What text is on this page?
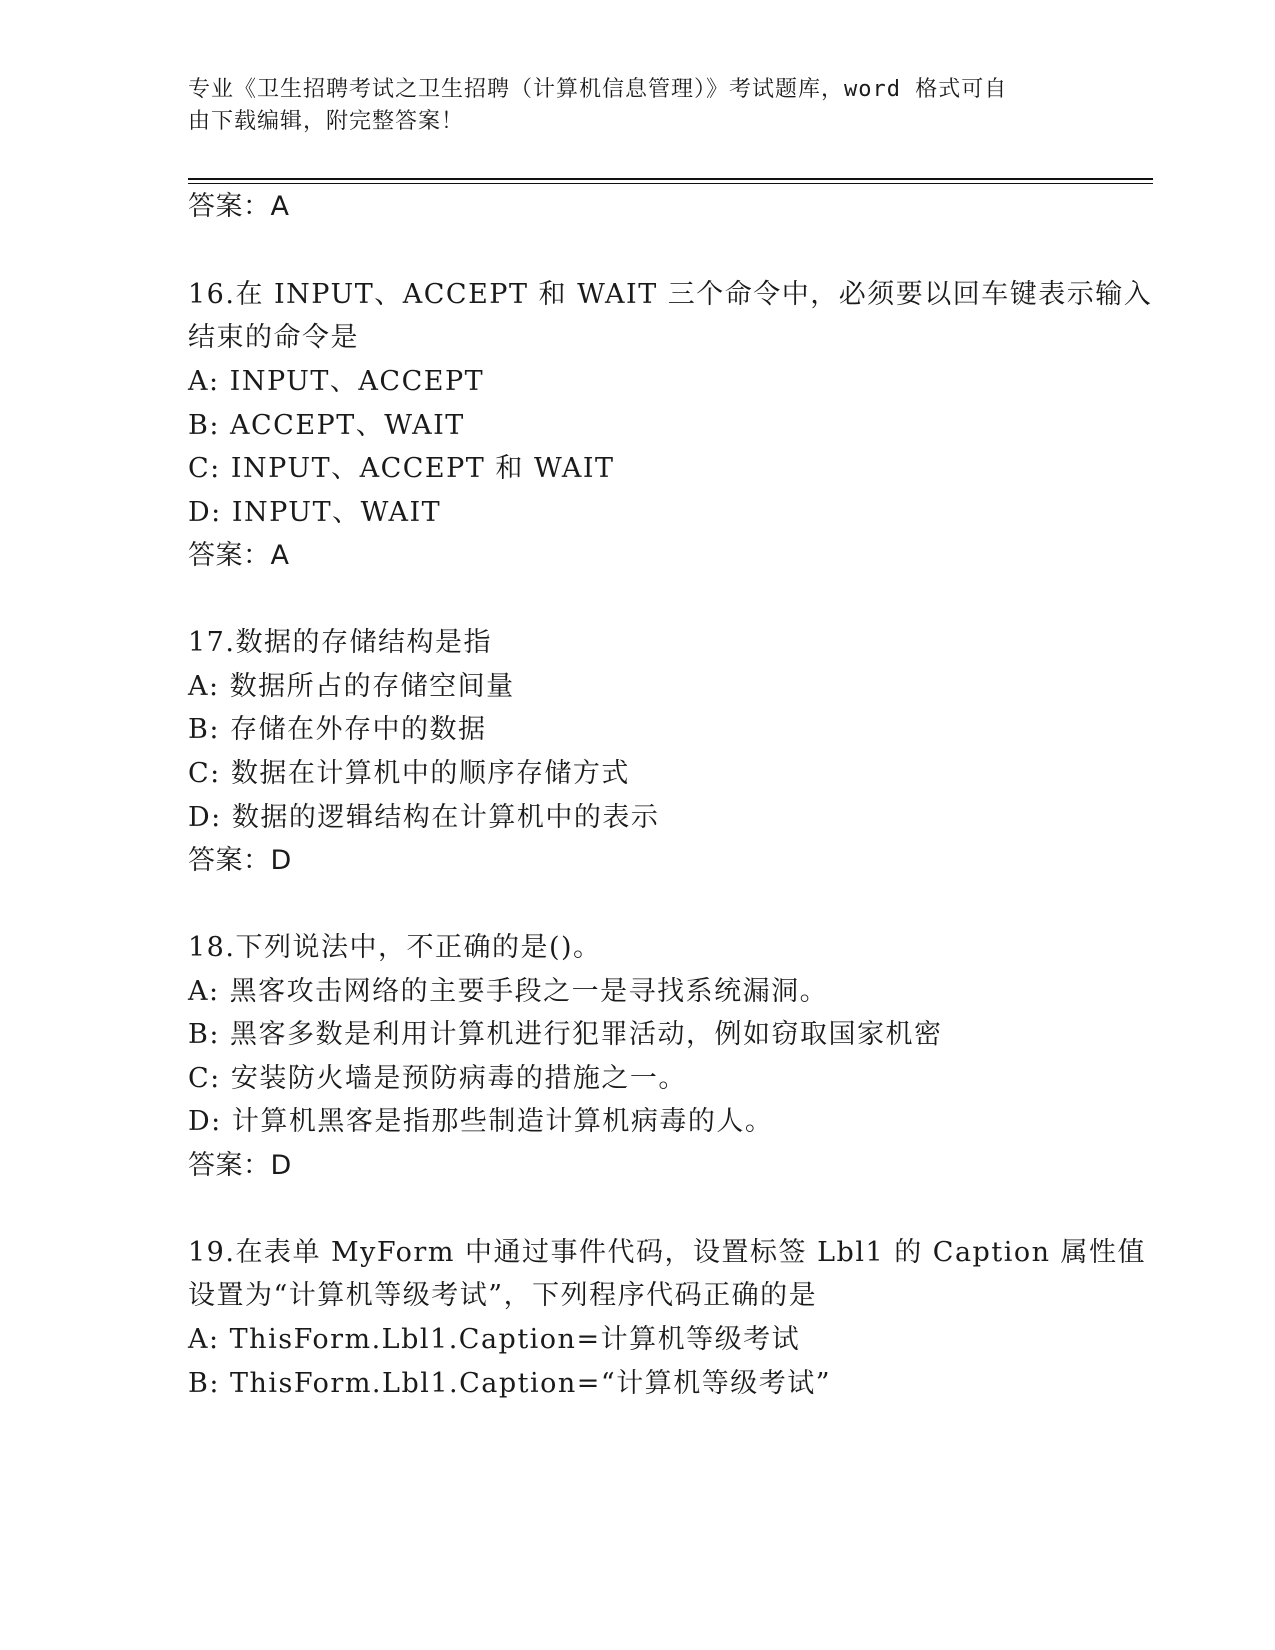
专业《卫生招聘考试之卫生招聘（计算机信息管理）》考试题库，word 格式可自
由下载编辑，附完整答案！
答案：A
16.在 INPUT、ACCEPT 和 WAIT 三个命令中，必须要以回车键表示输入
结束的命令是
A: INPUT、ACCEPT
B: ACCEPT、WAIT
C: INPUT、ACCEPT 和 WAIT
D: INPUT、WAIT
答案：A
17.数据的存储结构是指
A: 数据所占的存储空间量
B: 存储在外存中的数据
C: 数据在计算机中的顺序存储方式
D: 数据的逻辑结构在计算机中的表示
答案：D
18.下列说法中，不正确的是()。
A: 黑客攻击网络的主要手段之一是寻找系统漏洞。
B: 黑客多数是利用计算机进行犯罪活动，例如窃取国家机密
C: 安装防火墙是预防病毒的措施之一。
D: 计算机黑客是指那些制造计算机病毒的人。
答案：D
19.在表单 MyForm 中通过事件代码，设置标签 Lbl1 的 Caption 属性值
设置为“计算机等级考试”，下列程序代码正确的是
A: ThisForm.Lbl1.Caption=计算机等级考试
B: ThisForm.Lbl1.Caption=“计算机等级考试”
